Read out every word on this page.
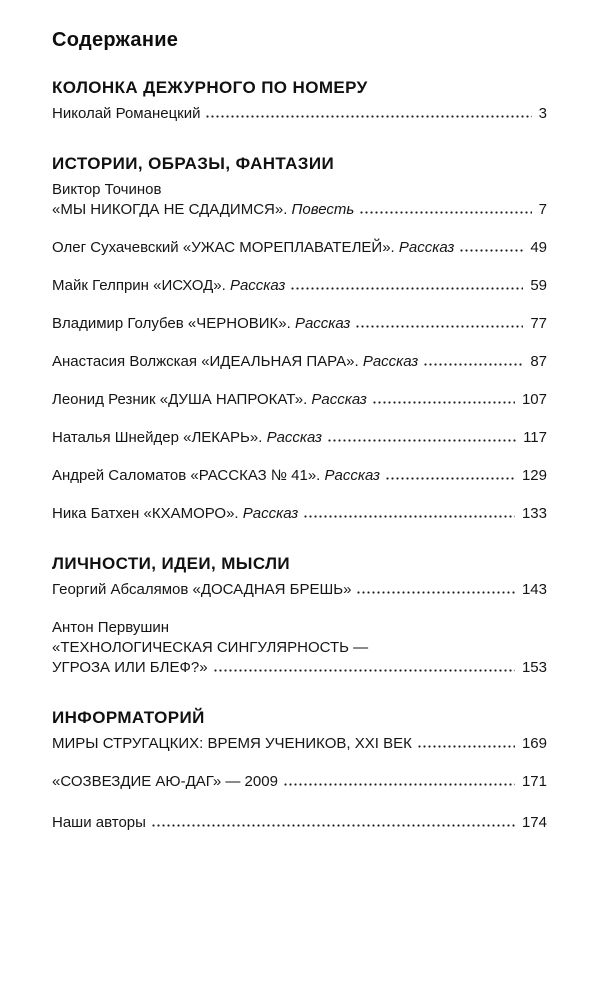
Содержание
КОЛОНКА ДЕЖУРНОГО ПО НОМЕРУ
Николай Романецкий	3
ИСТОРИИ, ОБРАЗЫ, ФАНТАЗИИ
Виктор Точинов
«МЫ НИКОГДА НЕ СДАДИМСЯ». Повесть	7
Олег Сухачевский «УЖАС МОРЕПЛАВАТЕЛЕЙ». Рассказ	49
Майк Гелприн «ИСХОД». Рассказ	59
Владимир Голубев «ЧЕРНОВИК». Рассказ	77
Анастасия Волжская «ИДЕАЛЬНАЯ ПАРА». Рассказ	87
Леонид Резник «ДУША НАПРОКАТ». Рассказ	107
Наталья Шнейдер «ЛЕКАРЬ». Рассказ	117
Андрей Саломатов «РАССКАЗ № 41». Рассказ	129
Ника Батхен «КХАМОРО». Рассказ	133
ЛИЧНОСТИ, ИДЕИ, МЫСЛИ
Георгий Абсалямов «ДОСАДНАЯ БРЕШЬ»	143
Антон Первушин
«ТЕХНОЛОГИЧЕСКАЯ СИНГУЛЯРНОСТЬ —
УГРОЗА ИЛИ БЛЕФ?»	153
ИНФОРМАТОРИЙ
МИРЫ СТРУГАЦКИХ: ВРЕМЯ УЧЕНИКОВ, XXI ВЕК	169
«СОЗВЕЗДИЕ АЮ-ДАГ» — 2009	171
Наши авторы	174
